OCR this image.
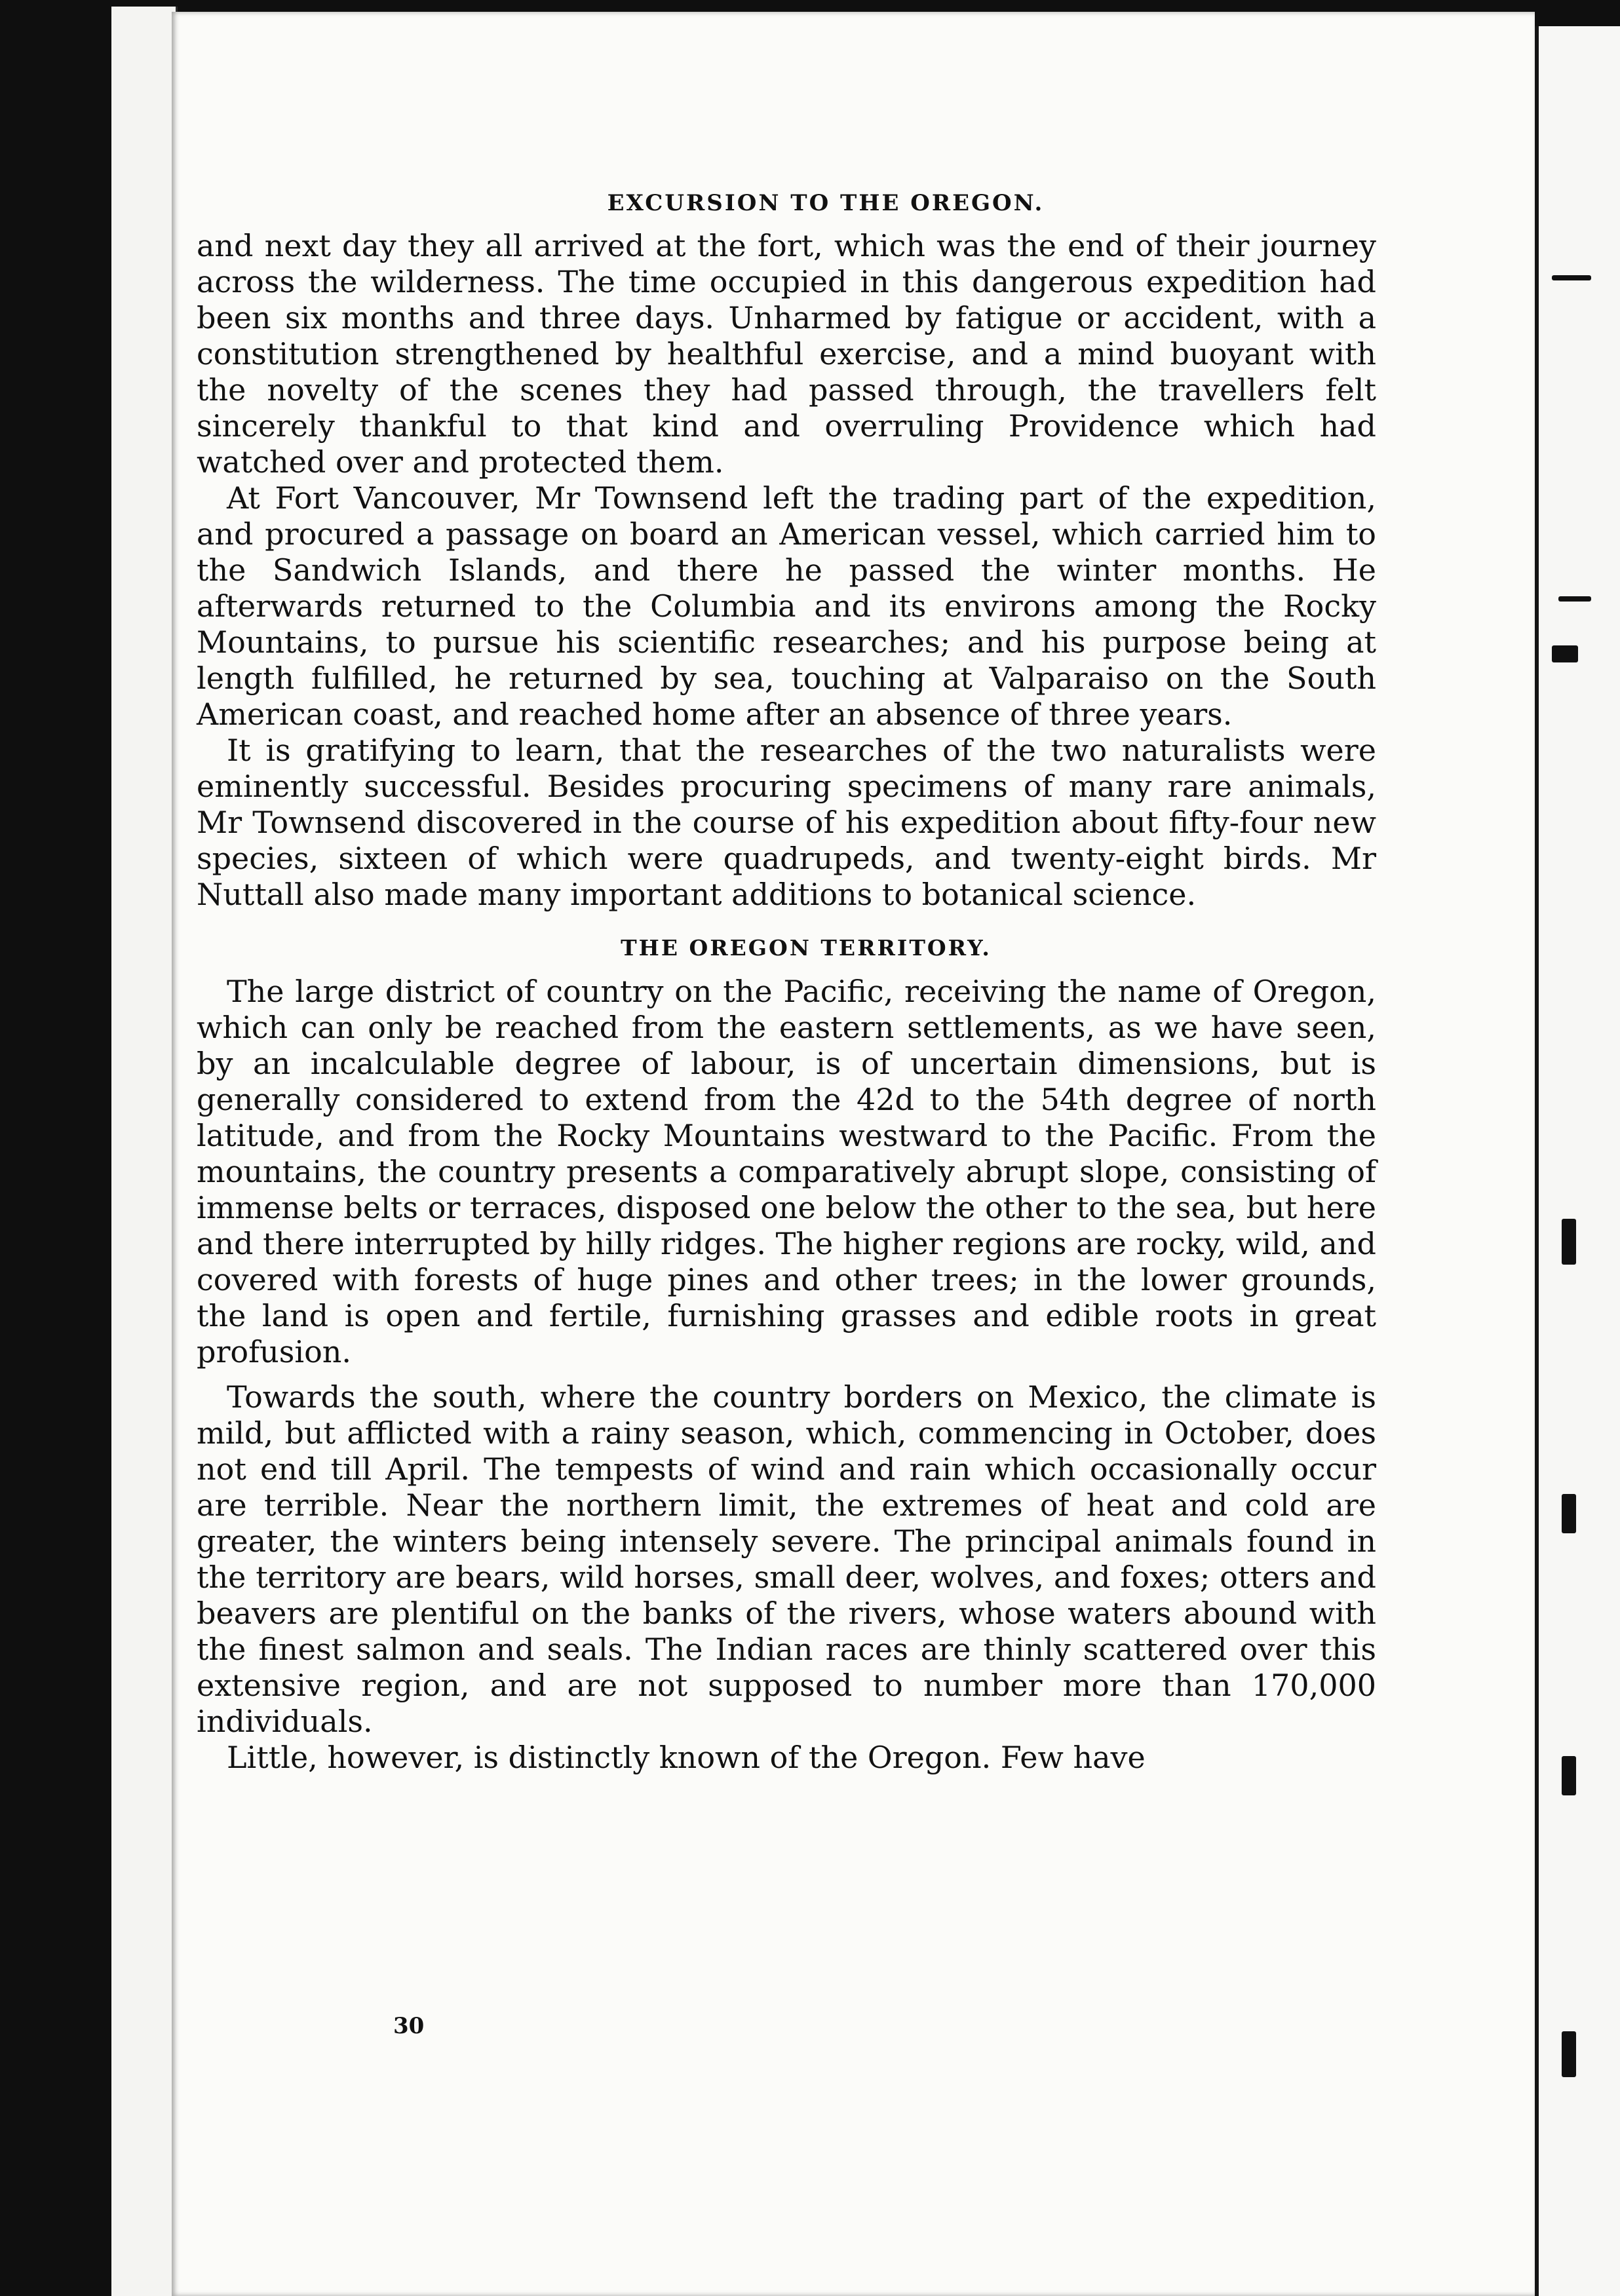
EXCURSION TO THE OREGON.

and next day they all arrived at the fort, which was the end of their journey across the wilderness. The time occupied in this dangerous expedition had been six months and three days. Unharmed by fatigue or accident, with a constitution strengthened by healthful exercise, and a mind buoyant with the novelty of the scenes they had passed through, the travellers felt sincerely thankful to that kind and overruling Providence which had watched over and protected them.

At Fort Vancouver, Mr Townsend left the trading part of the expedition, and procured a passage on board an American vessel, which carried him to the Sandwich Islands, and there he passed the winter months. He afterwards returned to the Columbia and its environs among the Rocky Mountains, to pursue his scientific researches; and his purpose being at length fulfilled, he returned by sea, touching at Valparaiso on the South American coast, and reached home after an absence of three years.

It is gratifying to learn, that the researches of the two naturalists were eminently successful. Besides procuring specimens of many rare animals, Mr Townsend discovered in the course of his expedition about fifty-four new species, sixteen of which were quadrupeds, and twenty-eight birds. Mr Nuttall also made many important additions to botanical science.

THE OREGON TERRITORY.

The large district of country on the Pacific, receiving the name of Oregon, which can only be reached from the eastern settlements, as we have seen, by an incalculable degree of labour, is of uncertain dimensions, but is generally considered to extend from the 42d to the 54th degree of north latitude, and from the Rocky Mountains westward to the Pacific. From the mountains, the country presents a comparatively abrupt slope, consisting of immense belts or terraces, disposed one below the other to the sea, but here and there interrupted by hilly ridges. The higher regions are rocky, wild, and covered with forests of huge pines and other trees; in the lower grounds, the land is open and fertile, furnishing grasses and edible roots in great profusion.

Towards the south, where the country borders on Mexico, the climate is mild, but afflicted with a rainy season, which, commencing in October, does not end till April. The tempests of wind and rain which occasionally occur are terrible. Near the northern limit, the extremes of heat and cold are greater, the winters being intensely severe. The principal animals found in the territory are bears, wild horses, small deer, wolves, and foxes; otters and beavers are plentiful on the banks of the rivers, whose waters abound with the finest salmon and seals. The Indian races are thinly scattered over this extensive region, and are not supposed to number more than 170,000 individuals.

Little, however, is distinctly known of the Oregon. Few have

30
